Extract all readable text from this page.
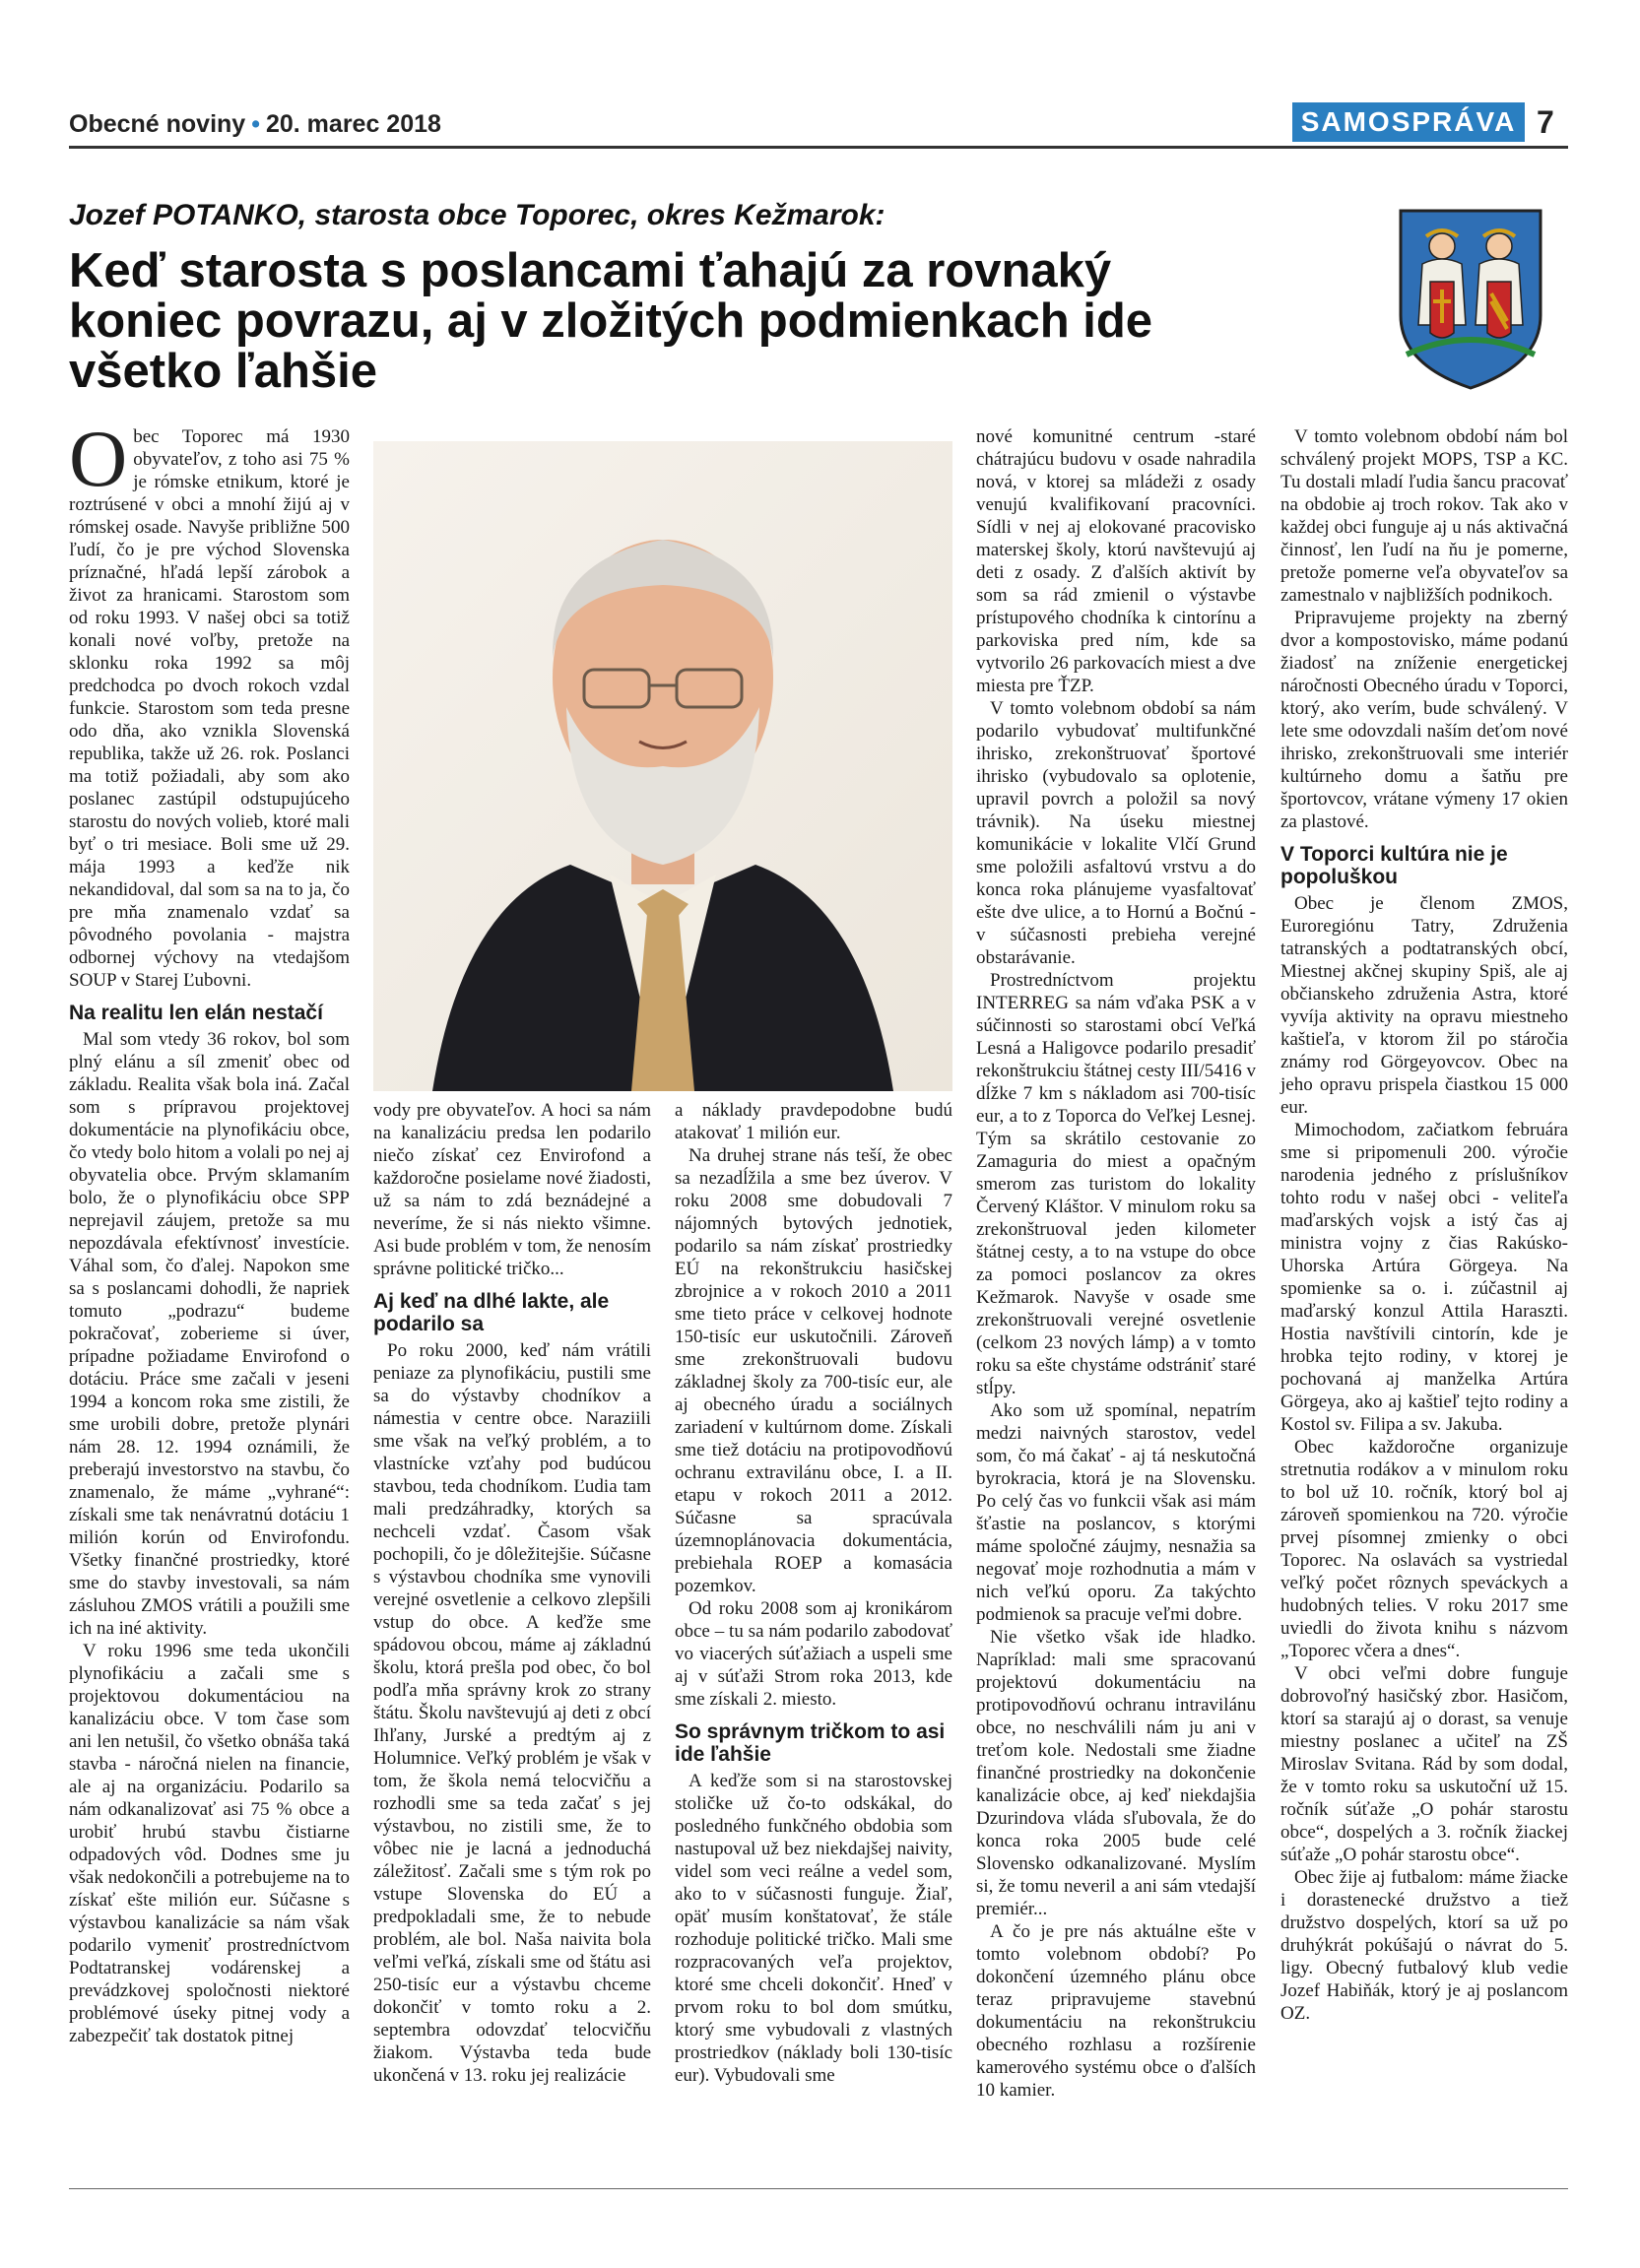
Obecné noviny • 20. marec 2018	SAMOSPRÁVA 7
Jozef POTANKO, starosta obce Toporec, okres Kežmarok:
Keď starosta s poslancami ťahajú za rovnaký koniec povrazu, aj v zložitých podmienkach ide všetko ľahšie

Obec Toporec má 1930 obyvateľov, z toho asi 75 % je rómske etnikum, ktoré je roztrúsené v obci a mnohí žijú aj v rómskej osade. Navyše približne 500 ľudí, čo je pre východ Slovenska príznačné, hľadá lepší zárobok a život za hranicami. Starostom som od roku 1993. V našej obci sa totiž konali nové voľby, pretože na sklonku roka 1992 sa môj predchodca po dvoch rokoch vzdal funkcie. Starostom som teda presne odo dňa, ako vznikla Slovenská republika, takže už 26. rok. Poslanci ma totiž požiadali, aby som ako poslanec zastúpil odstupujúceho starostu do nových volieb, ktoré mali byť o tri mesiace. Boli sme už 29. mája 1993 a keďže nik nekandidoval, dal som sa na to ja, čo pre mňa znamenalo vzdať sa pôvodného povolania - majstra odbornej výchovy na vtedajšom SOUP v Starej Ľubovni.

Na realitu len elán nestačí

Mal som vtedy 36 rokov, bol som plný elánu a síl zmeniť obec od základu. Realita však bola iná. Začal som s prípravou projektovej dokumentácie na plynofikáciu obce, čo vtedy bolo hitom a volali po nej aj obyvatelia obce. Prvým sklamaním bolo, že o plynofikáciu obce SPP neprejavil záujem, pretože sa mu nepozdávala efektívnosť investície. Váhal som, čo ďalej. Napokon sme sa s poslancami dohodli, že napriek tomuto „podrazu“ budeme pokračovať, zoberieme si úver, prípadne požiadame Envirofond o dotáciu. Práce sme začali v jeseni 1994 a koncom roka sme zistili, že sme urobili dobre, pretože plynári nám 28. 12. 1994 oznámili, že preberajú investorstvo na stavbu, čo znamenalo, že máme „vyhrané“: získali sme tak nenávratnú dotáciu 1 milión korún od Envirofondu. Všetky finančné prostriedky, ktoré sme do stavby investovali, sa nám zásluhou ZMOS vrátili a použili sme ich na iné aktivity.

V roku 1996 sme teda ukončili plynofikáciu a začali sme s projektovou dokumentáciou na kanalizáciu obce. V tom čase som ani len netušil, čo všetko obnáša taká stavba - náročná nielen na financie, ale aj na organizáciu. Podarilo sa nám odkanalizovať asi 75 % obce a urobiť hrubú stavbu čistiarne odpadových vôd. Dodnes sme ju však nedokončili a potrebujeme na to získať ešte milión eur. Súčasne s výstavbou kanalizácie sa nám však podarilo vymeniť prostredníctvom Podtatranskej vodárenskej a prevádzkovej spoločnosti niektoré problémové úseky pitnej vody a zabezpečiť tak dostatok pitnej

vody pre obyvateľov. A hoci sa nám na kanalizáciu predsa len podarilo niečo získať cez Envirofond a každoročne posielame nové žiadosti, už sa nám to zdá beznádejné a neveríme, že si nás niekto všimne. Asi bude problém v tom, že nenosím správne politické tričko...

Aj keď na dlhé lakte, ale podarilo sa

Po roku 2000, keď nám vrátili peniaze za plynofikáciu, pustili sme sa do výstavby chodníkov a námestia v centre obce. Naraziili sme však na veľký problém, a to vlastnícke vzťahy pod budúcou stavbou, teda chodníkom. Ľudia tam mali predzáhradky, ktorých sa nechceli vzdať. Časom však pochopili, čo je dôležitejšie. Súčasne s výstavbou chodníka sme vynovili verejné osvetlenie a celkovo zlepšili vstup do obce. A keďže sme spádovou obcou, máme aj základnú školu, ktorá prešla pod obec, čo bol podľa mňa správny krok zo strany štátu. Školu navštevujú aj deti z obcí Ihľany, Jurské a predtým aj z Holumnice. Veľký problém je však v tom, že škola nemá telocvičňu a rozhodli sme sa teda začať s jej výstavbou, no zistili sme, že to vôbec nie je lacná a jednoduchá záležitosť. Začali sme s tým rok po vstupe Slovenska do EÚ a predpokladali sme, že to nebude problém, ale bol. Naša naivita bola veľmi veľká, získali sme od štátu asi 250-tisíc eur a výstavbu chceme dokončiť v tomto roku a 2. septembra odovzdať telocvičňu žiakom. Výstavba teda bude ukončená v 13. roku jej realizácie

a náklady pravdepodobne budú atakovať 1 milión eur.

Na druhej strane nás teší, že obec sa nezadĺžila a sme bez úverov. V roku 2008 sme dobudovali 7 nájomných bytových jednotiek, podarilo sa nám získať prostriedky EÚ na rekonštrukciu hasičskej zbrojnice a v rokoch 2010 a 2011 sme tieto práce v celkovej hodnote 150-tisíc eur uskutočnili. Zároveň sme zrekonštruovali budovu základnej školy za 700-tisíc eur, ale aj obecného úradu a sociálnych zariadení v kultúrnom dome. Získali sme tiež dotáciu na protipovodňovú ochranu extravilánu obce, I. a II. etapu v rokoch 2011 a 2012. Súčasne sa spracúvala územnoplánovacia dokumentácia, prebiehala ROEP a komasácia pozemkov.

Od roku 2008 som aj kronikárom obce – tu sa nám podarilo zabodovať vo viacerých súťažiach a uspeli sme aj v súťaži Strom roka 2013, kde sme získali 2. miesto.

So správnym tričkom to asi ide ľahšie

A keďže som si na starostovskej stoličke už čo-to odskákal, do posledného funkčného obdobia som nastupoval už bez niekdajšej naivity, videl som veci reálne a vedel som, ako to v súčasnosti funguje. Žiaľ, opäť musím konštatovať, že stále rozhoduje politické tričko. Mali sme rozpracovaných veľa projektov, ktoré sme chceli dokončiť. Hneď v prvom roku to bol dom smútku, ktorý sme vybudovali z vlastných prostriedkov (náklady boli 130-tisíc eur). Vybudovali sme

nové komunitné centrum -staré chátrajúcu budovu v osade nahradila nová, v ktorej sa mládeži z osady venujú kvalifikovaní pracovníci. Sídli v nej aj elokované pracovisko materskej školy, ktorú navštevujú aj deti z osady. Z ďalších aktivít by som sa rád zmienil o výstavbe prístupového chodníka k cintorínu a parkoviska pred ním, kde sa vytvorilo 26 parkovacích miest a dve miesta pre ŤZP.

V tomto volebnom období sa nám podarilo vybudovať multifunkčné ihrisko, zrekonštruovať športové ihrisko (vybudovalo sa oplotenie, upravil povrch a položil sa nový trávnik). Na úseku miestnej komunikácie v lokalite Vlčí Grund sme položili asfaltovú vrstvu a do konca roka plánujeme vyasfaltovať ešte dve ulice, a to Hornú a Bočnú - v súčasnosti prebieha verejné obstarávanie.

Prostredníctvom projektu INTERREG sa nám vďaka PSK a v súčinnosti so starostami obcí Veľká Lesná a Haligovce podarilo presadiť rekonštrukciu štátnej cesty III/5416 v dĺžke 7 km s nákladom asi 700-tisíc eur, a to z Toporca do Veľkej Lesnej. Tým sa skrátilo cestovanie zo Zamaguria do miest a opačným smerom zas turistom do lokality Červený Kláštor. V minulom roku sa zrekonštruoval jeden kilometer štátnej cesty, a to na vstupe do obce za pomoci poslancov za okres Kežmarok. Navyše v osade sme zrekonštruovali verejné osvetlenie (celkom 23 nových lámp) a v tomto roku sa ešte chystáme odstrániť staré stĺpy.

Ako som už spomínal, nepatrím medzi naivných starostov, vedel som, čo má čakať - aj tá neskutočná byrokracia, ktorá je na Slovensku. Po celý čas vo funkcii však asi mám šťastie na poslancov, s ktorými máme spoločné záujmy, nesnažia sa negovať moje rozhodnutia a mám v nich veľkú oporu. Za takýchto podmienok sa pracuje veľmi dobre.

Nie všetko však ide hladko. Napríklad: mali sme spracovanú projektovú dokumentáciu na protipovodňovú ochranu intravilánu obce, no neschválili nám ju ani v treťom kole. Nedostali sme žiadne finančné prostriedky na dokončenie kanalizácie obce, aj keď niekdajšia Dzurindova vláda sľubovala, že do konca roka 2005 bude celé Slovensko odkanalizované. Myslím si, že tomu neveril a ani sám vtedajší premiér...

A čo je pre nás aktuálne ešte v tomto volebnom období? Po dokončení územného plánu obce teraz pripravujeme stavebnú dokumentáciu na rekonštrukciu obecného rozhlasu a rozšírenie kamerového systému obce o ďalších 10 kamier.

V tomto volebnom období nám bol schválený projekt MOPS, TSP a KC. Tu dostali mladí ľudia šancu pracovať na obdobie aj troch rokov. Tak ako v každej obci funguje aj u nás aktivačná činnosť, len ľudí na ňu je pomerne, pretože pomerne veľa obyvateľov sa zamestnalo v najbližších podnikoch.

Pripravujeme projekty na zberný dvor a kompostovisko, máme podanú žiadosť na zníženie energetickej náročnosti Obecného úradu v Toporci, ktorý, ako verím, bude schválený. V lete sme odovzdali naším deťom nové ihrisko, zrekonštruovali sme interiér kultúrneho domu a šatňu pre športovcov, vrátane výmeny 17 okien za plastové.

V Toporci kultúra nie je popoluškou

Obec je členom ZMOS, Euroregiónu Tatry, Združenia tatranských a podtatranských obcí, Miestnej akčnej skupiny Spiš, ale aj občianskeho združenia Astra, ktoré vyvíja aktivity na opravu miestneho kaštieľa, v ktorom žil po stáročia známy rod Görgeyovcov. Obec na jeho opravu prispela čiastkou 15 000 eur.

Mimochodom, začiatkom februára sme si pripomenuli 200. výročie narodenia jedného z príslušníkov tohto rodu v našej obci - veliteľa maďarských vojsk a istý čas aj ministra vojny z čias Rakúsko-Uhorska Artúra Görgeya. Na spomienke sa o. i. zúčastnil aj maďarský konzul Attila Haraszti. Hostia navštívili cintorín, kde je hrobka tejto rodiny, v ktorej je pochovaná aj manželka Artúra Görgeya, ako aj kaštieľ tejto rodiny a Kostol sv. Filipa a sv. Jakuba.

Obec každoročne organizuje stretnutia rodákov a v minulom roku to bol už 10. ročník, ktorý bol aj zároveň spomienkou na 720. výročie prvej písomnej zmienky o obci Toporec. Na oslavách sa vystriedal veľký počet rôznych speváckych a hudobných telies. V roku 2017 sme uviedli do života knihu s názvom „Toporec včera a dnes“.

V obci veľmi dobre funguje dobrovoľný hasičský zbor. Hasičom, ktorí sa starajú aj o dorast, sa venuje miestny poslanec a učiteľ na ZŠ Miroslav Svitana. Rád by som dodal, že v tomto roku sa uskutoční už 15. ročník súťaže „O pohár starostu obce“, dospelých a 3. ročník žiackej súťaže „O pohár starostu obce“.

Obec žije aj futbalom: máme žiacke i dorastenecké družstvo a tiež družstvo dospelých, ktorí sa už po druhýkrát pokúšajú o návrat do 5. ligy. Obecný futbalový klub vedie Jozef Habiňák, ktorý je aj poslancom OZ.
